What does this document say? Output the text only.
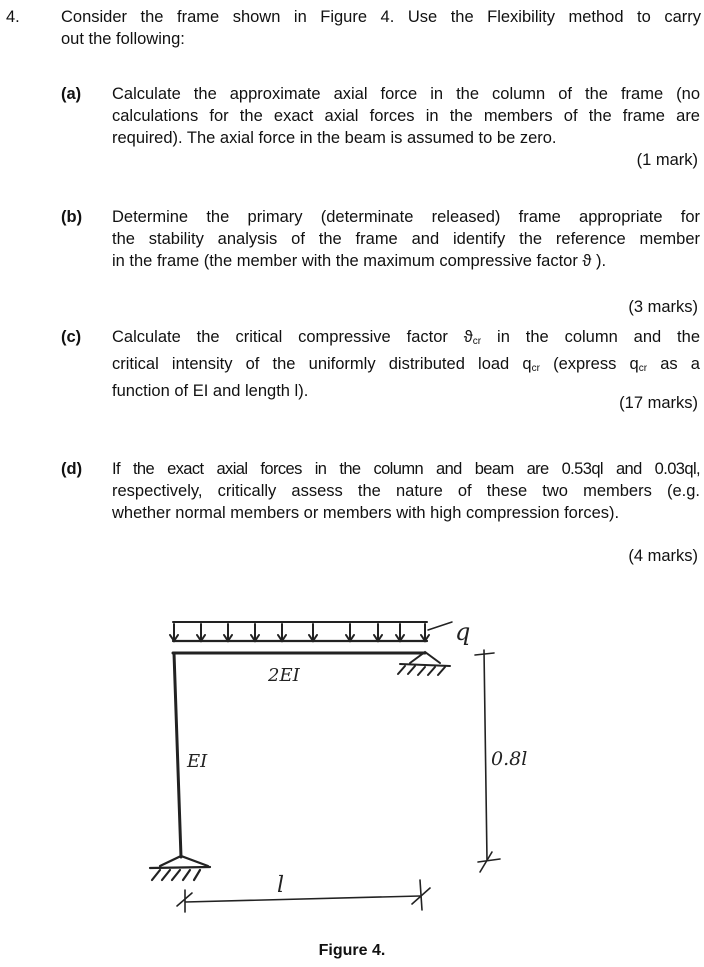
4. Consider the frame shown in Figure 4. Use the Flexibility method to carry
out the following:
(a) Calculate the approximate axial force in the column of the frame (no
calculations for the exact axial forces in the members of the frame are
required). The axial force in the beam is assumed to be zero.
(1 mark)
(b) Determine the primary (determinate released) frame appropriate for
the stability analysis of the frame and identify the reference member
in the frame (the member with the maximum compressive factor ϑ ).
(3 marks)
(c) Calculate the critical compressive factor $ϑ_{cr}$ in the column and the
critical intensity of the uniformly distributed load $q_{cr}$ (express $q_{cr}$ as a
function of EI and length l).
(17 marks)
(d) If the exact axial forces in the column and beam are 0.53ql and 0.03ql,
respectively, critically assess the nature of these two members (e.g.
whether normal members or members with high compression forces).
(4 marks)
q
2EI
EI	0.8l
l
Figure 4.
